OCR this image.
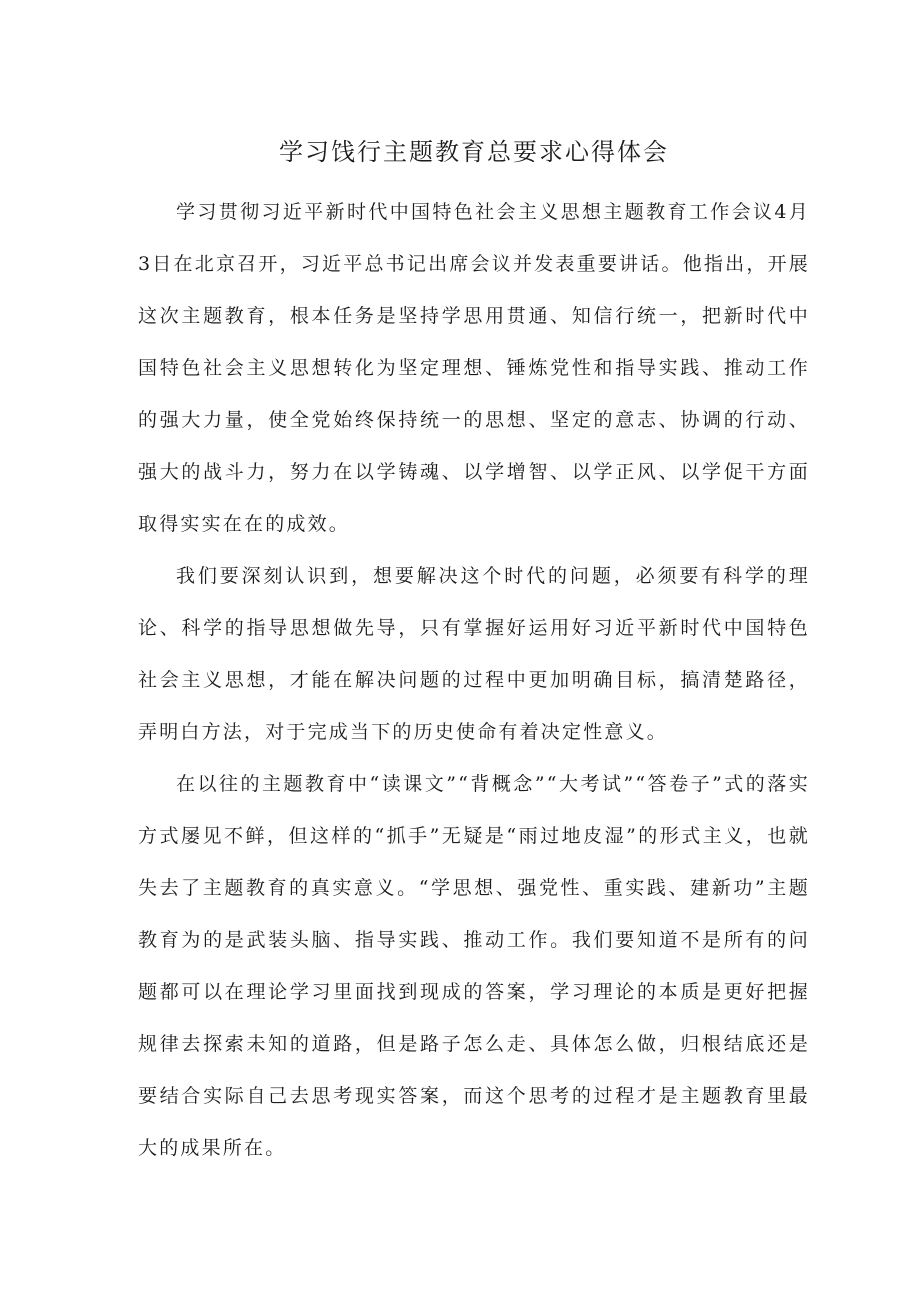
学习饯行主题教育总要求心得体会

学习贯彻习近平新时代中国特色社会主义思想主题教育工作会议4月3日在北京召开，习近平总书记出席会议并发表重要讲话。他指出，开展这次主题教育，根本任务是坚持学思用贯通、知信行统一，把新时代中国特色社会主义思想转化为坚定理想、锤炼党性和指导实践、推动工作的强大力量，使全党始终保持统一的思想、坚定的意志、协调的行动、强大的战斗力，努力在以学铸魂、以学增智、以学正风、以学促干方面取得实实在在的成效。

我们要深刻认识到，想要解决这个时代的问题，必须要有科学的理论、科学的指导思想做先导，只有掌握好运用好习近平新时代中国特色社会主义思想，才能在解决问题的过程中更加明确目标，搞清楚路径，弄明白方法，对于完成当下的历史使命有着决定性意义。

在以往的主题教育中“读课文”“背概念”“大考试”“答卷子”式的落实方式屡见不鲜，但这样的“抓手”无疑是“雨过地皮湿”的形式主义，也就失去了主题教育的真实意义。“学思想、强党性、重实践、建新功”主题教育为的是武装头脑、指导实践、推动工作。我们要知道不是所有的问题都可以在理论学习里面找到现成的答案，学习理论的本质是更好把握规律去探索未知的道路，但是路子怎么走、具体怎么做，归根结底还是要结合实际自己去思考现实答案，而这个思考的过程才是主题教育里最大的成果所在。
